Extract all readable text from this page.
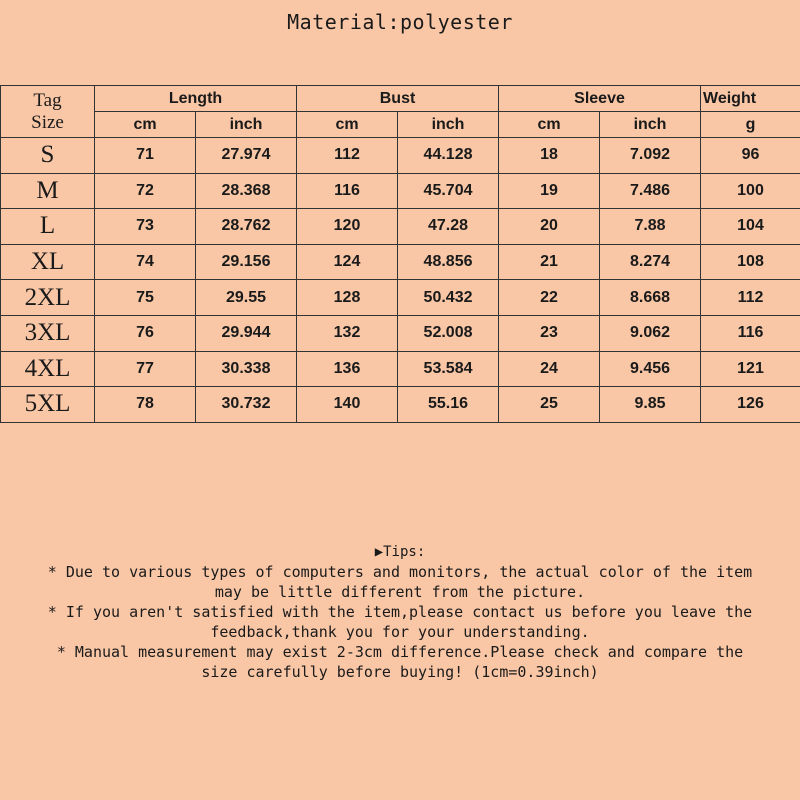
Material:polyester
Tag
Size	Length		Bust		Sleeve		Weight
	cm	inch	cm	inch	cm	inch	g
S	71	27.974	112	44.128	18	7.092	96
M	72	28.368	116	45.704	19	7.486	100
L	73	28.762	120	47.28	20	7.88	104
XL	74	29.156	124	48.856	21	8.274	108
2XL	75	29.55	128	50.432	22	8.668	112
3XL	76	29.944	132	52.008	23	9.062	116
4XL	77	30.338	136	53.584	24	9.456	121
5XL	78	30.732	140	55.16	25	9.85	126

▶Tips:

* Due to various types of computers and monitors, the actual color of the item

may be little different from the picture.

* If you aren't satisfied with the item,please contact us before you leave the

feedback,thank you for your understanding.

* Manual measurement may exist 2-3cm difference.Please check and compare the

size carefully before buying! (1cm=0.39inch)
